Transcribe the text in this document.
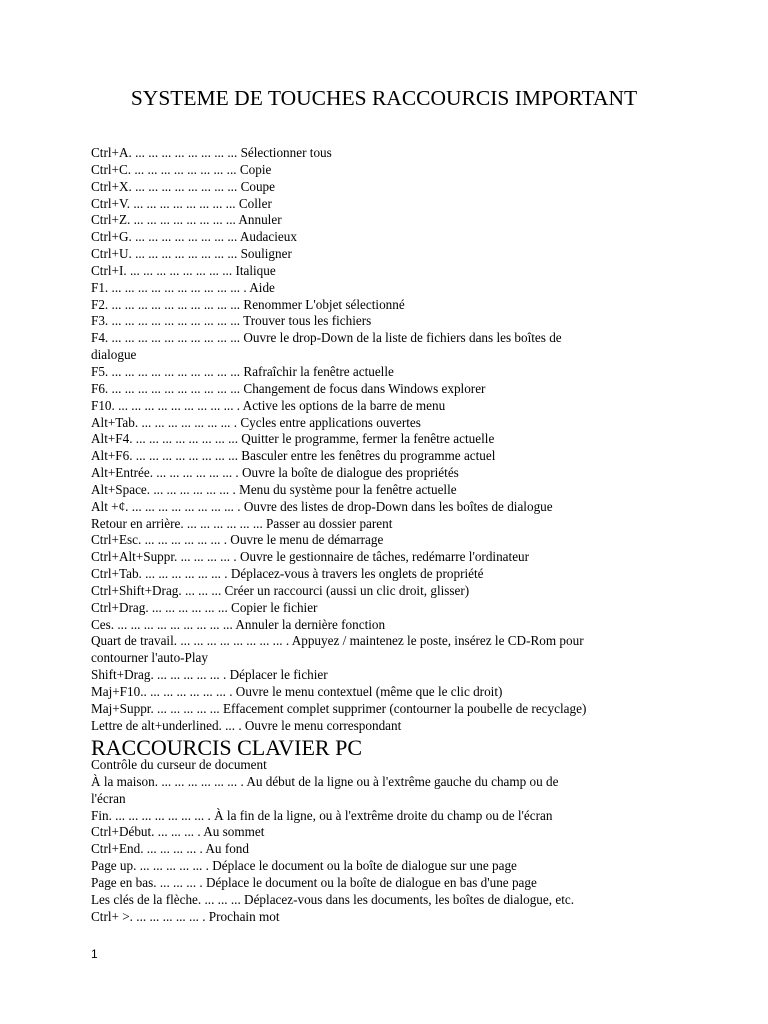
SYSTEME DE TOUCHES RACCOURCIS IMPORTANT
Ctrl+A. ... ... ... ... ... ... ... ... Sélectionner tous
Ctrl+C. ... ... ... ... ... ... ... ... Copie
Ctrl+X. ... ... ... ... ... ... ... ... Coupe
Ctrl+V. ... ... ... ... ... ... ... ... Coller
Ctrl+Z. ... ... ... ... ... ... ... ... Annuler
Ctrl+G. ... ... ... ... ... ... ... ... Audacieux
Ctrl+U. ... ... ... ... ... ... ... ... Souligner
Ctrl+I. ... ... ... ... ... ... ... ... Italique
F1. ... ... ... ... ... ... ... ... ... ... . Aide
F2. ... ... ... ... ... ... ... ... ... ... Renommer L'objet sélectionné
F3. ... ... ... ... ... ... ... ... ... ... Trouver tous les fichiers
F4. ... ... ... ... ... ... ... ... ... ... Ouvre le drop-Down de la liste de fichiers dans les boîtes de
dialogue
F5. ... ... ... ... ... ... ... ... ... ... Rafraîchir la fenêtre actuelle
F6. ... ... ... ... ... ... ... ... ... ... Changement de focus dans Windows explorer
F10. ... ... ... ... ... ... ... ... ... . Active les options de la barre de menu
Alt+Tab. ... ... ... ... ... ... ... . Cycles entre applications ouvertes
Alt+F4. ... ... ... ... ... ... ... ... Quitter le programme, fermer la fenêtre actuelle
Alt+F6. ... ... ... ... ... ... ... ... Basculer entre les fenêtres du programme actuel
Alt+Entrée. ... ... ... ... ... ... . Ouvre la boîte de dialogue des propriétés
Alt+Space. ... ... ... ... ... ... . Menu du système pour la fenêtre actuelle
Alt +¢. ... ... ... ... ... ... ... ... . Ouvre des listes de drop-Down dans les boîtes de dialogue
Retour en arrière. ... ... ... ... ... ... Passer au dossier parent
Ctrl+Esc. ... ... ... ... ... ... . Ouvre le menu de démarrage
Ctrl+Alt+Suppr. ... ... ... ... . Ouvre le gestionnaire de tâches, redémarre l'ordinateur
Ctrl+Tab. ... ... ... ... ... ... . Déplacez-vous à travers les onglets de propriété
Ctrl+Shift+Drag. ... ... ... Créer un raccourci (aussi un clic droit, glisser)
Ctrl+Drag. ... ... ... ... ... ... Copier le fichier
Ces. ... ... ... ... ... ... ... ... ... Annuler la dernière fonction
Quart de travail. ... ... ... ... ... ... ... ... . Appuyez / maintenez le poste, insérez le CD-Rom pour
contourner l'auto-Play
Shift+Drag. ... ... ... ... ... . Déplacer le fichier
Maj+F10.. ... ... ... ... ... ... . Ouvre le menu contextuel (même que le clic droit)
Maj+Suppr. ... ... ... ... ... Effacement complet supprimer (contourner la poubelle de recyclage)
Lettre de alt+underlined. ... . Ouvre le menu correspondant
RACCOURCIS CLAVIER PC
Contrôle du curseur de document
À la maison. ... ... ... ... ... ... . Au début de la ligne ou à l'extrême gauche du champ ou de
l'écran
Fin. ... ... ... ... ... ... ... . À la fin de la ligne, ou à l'extrême droite du champ ou de l'écran
Ctrl+Début. ... ... ... . Au sommet
Ctrl+End. ... ... ... ... . Au fond
Page up. ... ... ... ... ... . Déplace le document ou la boîte de dialogue sur une page
Page en bas. ... ... ... . Déplace le document ou la boîte de dialogue en bas d'une page
Les clés de la flèche. ... ... ... Déplacez-vous dans les documents, les boîtes de dialogue, etc.
Ctrl+ >. ... ... ... ... ... . Prochain mot
1
